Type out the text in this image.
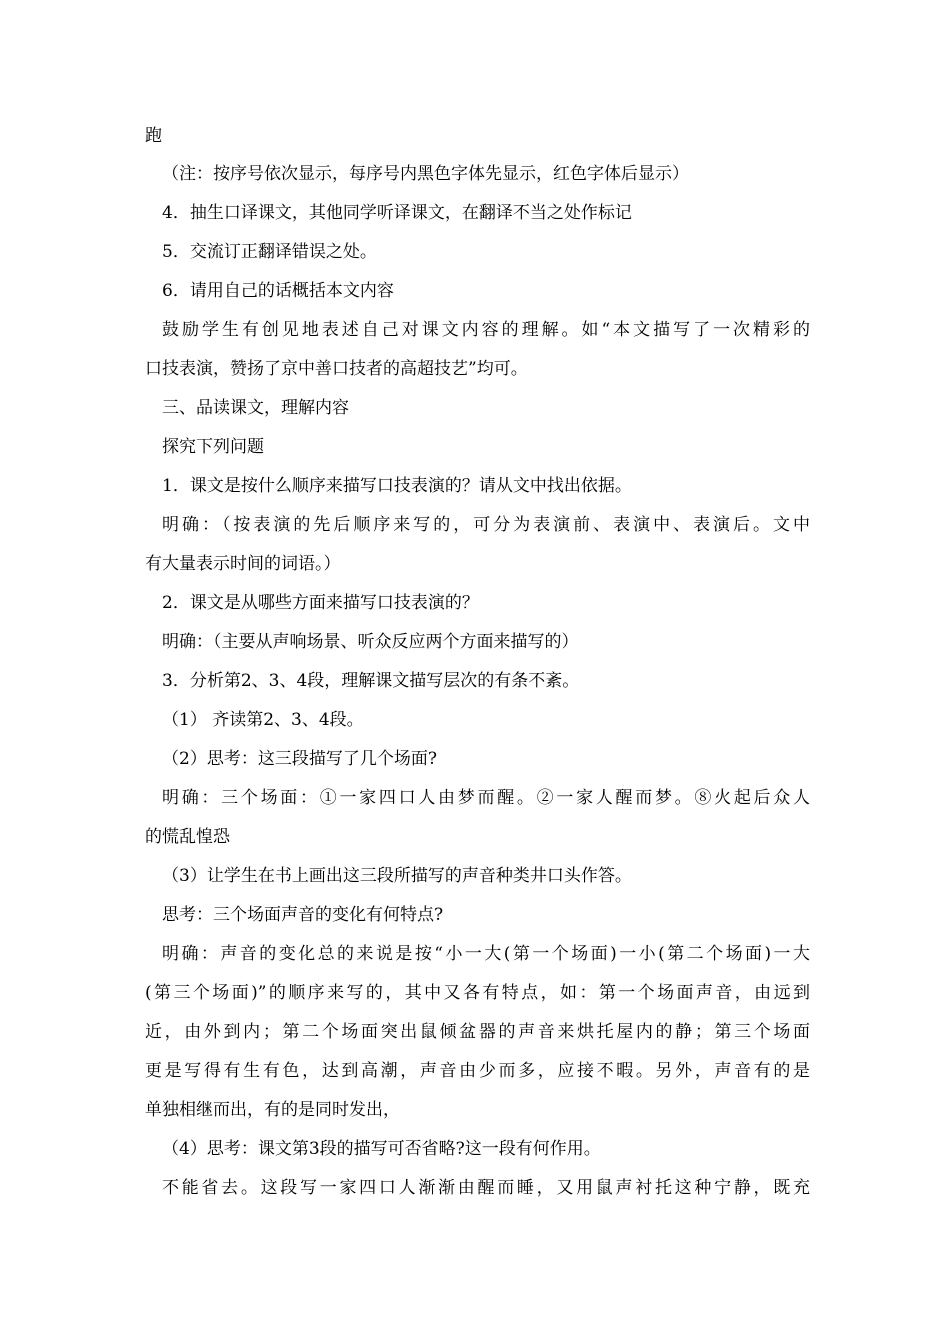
跑
（注：按序号依次显示，每序号内黑色字体先显示，红色字体后显示）
4．抽生口译课文，其他同学听译课文，在翻译不当之处作标记
5．交流订正翻译错误之处。
6．请用自己的话概括本文内容
鼓励学生有创见地表述自己对课文内容的理解。如“本文描写了一次精彩的
口技表演，赞扬了京中善口技者的高超技艺”均可。
三、品读课文，理解内容
探究下列问题
1．课文是按什么顺序来描写口技表演的？请从文中找出依据。
明确：（按表演的先后顺序来写的，可分为表演前、表演中、表演后。文中
有大量表示时间的词语。）
2．课文是从哪些方面来描写口技表演的？
明确：（主要从声响场景、听众反应两个方面来描写的）
3．分析第2、3、4段，理解课文描写层次的有条不紊。
（1） 齐读第2、3、4段。
（2）思考：这三段描写了几个场面?
明确：三个场面：①一家四口人由梦而醒。②一家人醒而梦。⑧火起后众人
的慌乱惶恐
（3）让学生在书上画出这三段所描写的声音种类井口头作答。
思考：三个场面声音的变化有何特点?
明确：声音的变化总的来说是按“小一大(第一个场面)一小(第二个场面)一大
(第三个场面)”的顺序来写的，其中又各有特点，如：第一个场面声音，由远到
近，由外到内；第二个场面突出鼠倾盆器的声音来烘托屋内的静；第三个场面
更是写得有生有色，达到高潮，声音由少而多，应接不暇。另外，声音有的是
单独相继而出，有的是同时发出，
（4）思考：课文第3段的描写可否省略?这一段有何作用。
不能省去。这段写一家四口人渐渐由醒而睡，又用鼠声衬托这种宁静，既充
